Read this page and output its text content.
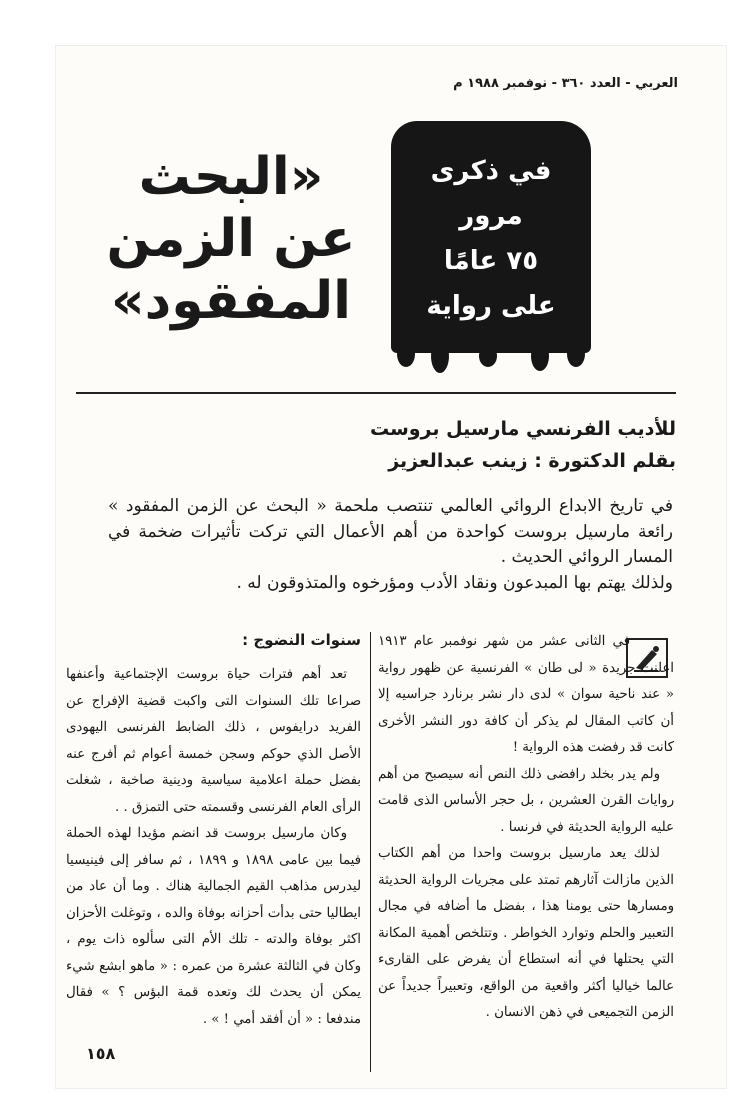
العربي - العدد ٣٦٠ - نوفمبر ١٩٨٨ م
في ذكرى
مرور
٧٥ عامًا
على رواية
«البحث
عن الزمن
المفقود»
للأديب الفرنسي مارسيل بروست
بقلم الدكتورة : زينب عبدالعزيز

في تاريخ الابداع الروائي العالمي تنتصب ملحمة « البحث عن الزمن المفقود » رائعة مارسيل بروست كواحدة من أهم الأعمال التي تركت تأثيرات ضخمة في المسار الروائي الحديث .

ولذلك يهتم بها المبدعون ونقاد الأدب ومؤرخوه والمتذوقون له .

في الثانى عشر من شهر نوفمبر عام ١٩١٣ اعلنت جريدة « لى طان » الفرنسية عن ظهور رواية « عند ناحية سوان » لدى دار نشر برنارد جراسيه إلا أن كاتب المقال لم يذكر أن كافة دور النشر الأخرى كانت قد رفضت هذه الرواية !

ولم يدر بخلد رافضى ذلك النص أنه سيصبح من أهم روايات القرن العشرين ، بل حجر الأساس الذى قامت عليه الرواية الحديثة في فرنسا .

لذلك يعد مارسيل بروست واحدا من أهم الكتاب الذين مازالت آثارهم تمتد على مجريات الرواية الحديثة ومسارها حتى يومنا هذا ، بفضل ما أضافه في مجال التعبير والحلم وتوارد الخواطر . وتتلخص أهمية المكانة التي يحتلها في أنه استطاع أن يفرض على القارىء عالما خياليا أكثر واقعية من الواقع، وتعبيراً جديداً عن الزمن التجميعى في ذهن الانسان .

سنوات النضوج :

تعد أهم فترات حياة بروست الإجتماعية وأعنفها صراعا تلك السنوات التى واكبت قضية الإفراج عن الفريد درايفوس ، ذلك الضابط الفرنسى اليهودى الأصل الذي حوكم وسجن خمسة أعوام ثم أفرج عنه بفضل حملة اعلامية سياسية ودينية صاخبة ، شغلت الرأى العام الفرنسى وقسمته حتى التمزق . .

وكان مارسيل بروست قد انضم مؤيدا لهذه الحملة فيما بين عامى ١٨٩٨ و ١٨٩٩ ، ثم سافر إلى فينيسيا ليدرس مذاهب القيم الجمالية هناك . وما أن عاد من ايطاليا حتى بدأت أحزانه بوفاة والده ، وتوغلت الأحزان اكثر بوفاة والدته - تلك الأم التى سألوه ذات يوم ، وكان في الثالثة عشرة من عمره : « ماهو ابشع شيء يمكن أن يحدث لك وتعده قمة البؤس ؟ » فقال مندفعا : « أن أفقد أمي ! » .

١٥٨
